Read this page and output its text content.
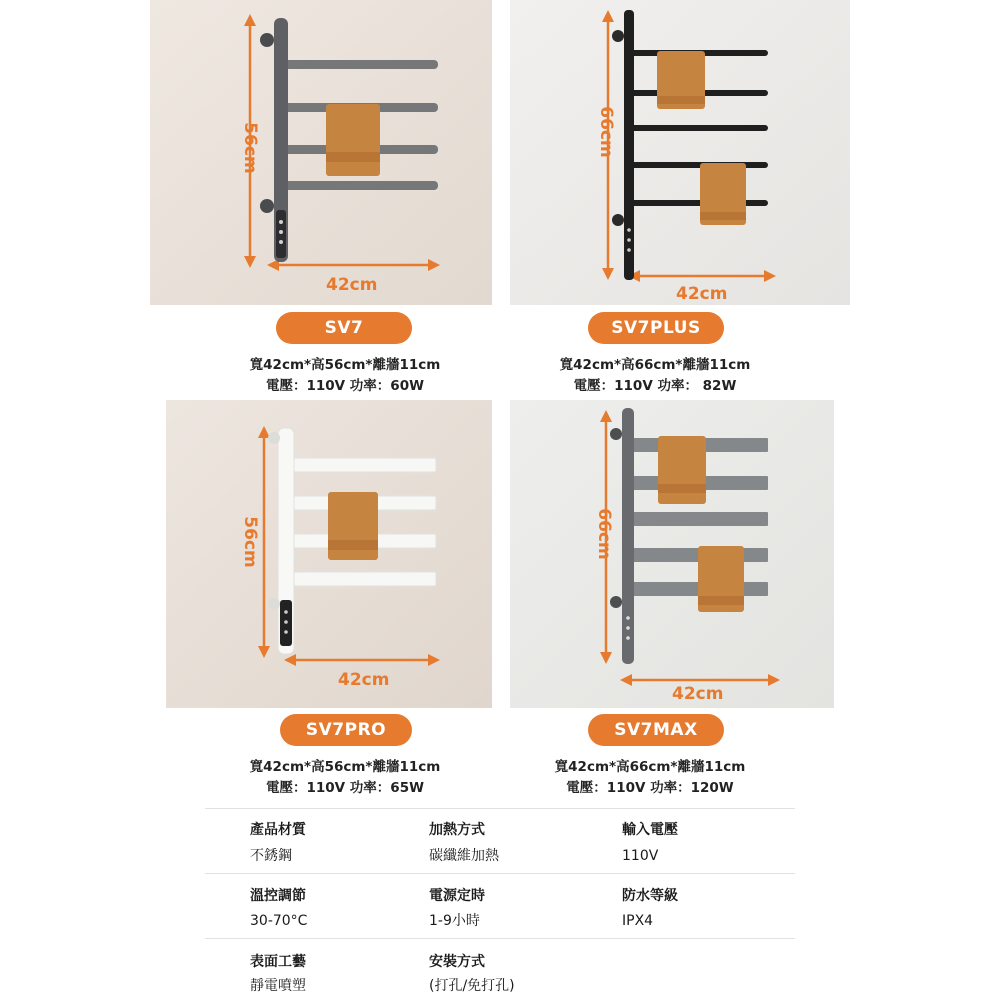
56cm
42cm
66cm
42cm
SV7	SV7PLUS
寬42cm*高56cm*離牆11cm
電壓：110V 功率：60W
寬42cm*高66cm*離牆11cm
電壓：110V 功率： 82W
56cm
42cm
66cm
42cm
SV7PRO	SV7MAX
寬42cm*高56cm*離牆11cm
電壓：110V 功率：65W
寬42cm*高66cm*離牆11cm
電壓：110V 功率：120W
產品材質
不銹鋼
加熱方式
碳纖維加熱
輸入電壓
110V
溫控調節
30-70°C
電源定時
1-9小時
防水等級
IPX4
表面工藝
靜電噴塑
安裝方式
(打孔/免打孔)
